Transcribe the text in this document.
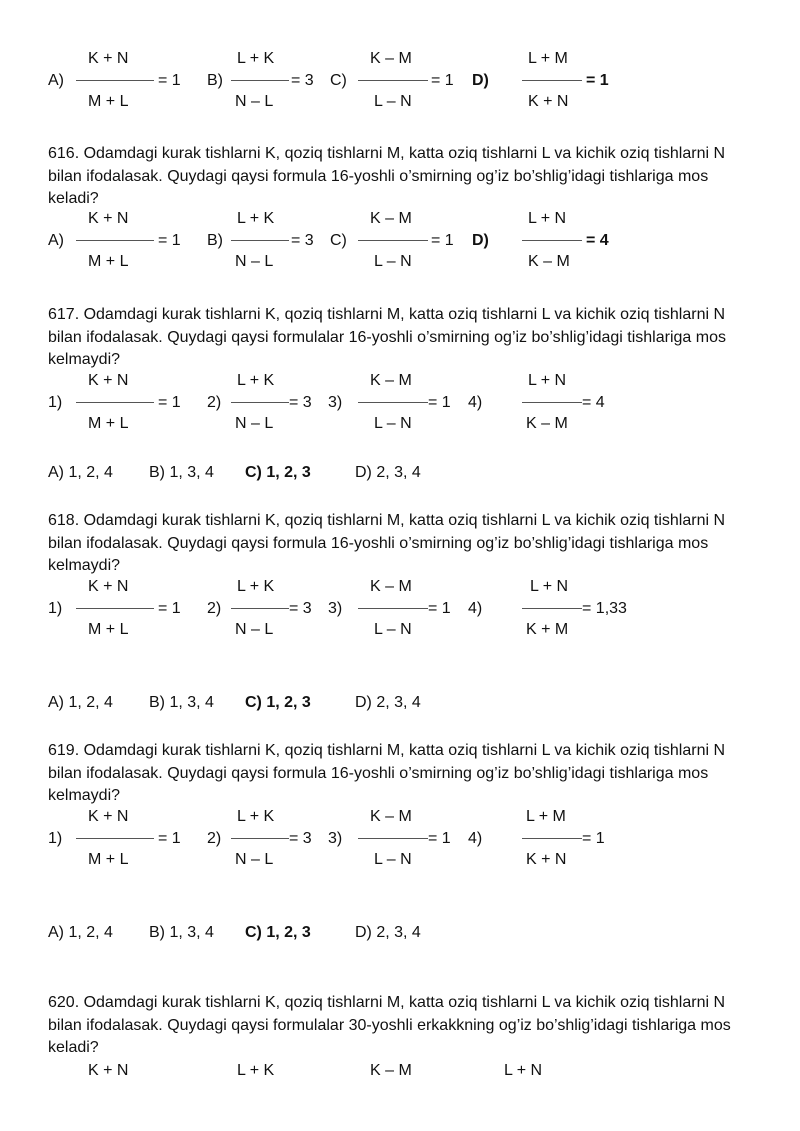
A)
K + N
M + L
= 1 B)
L + K
N – L
= 3 C)
K – M
L – N
= 1 D)
L + M
K + N
= 1

616. Odamdagi kurak tishlarni K, qoziq tishlarni M, katta oziq tishlarni L va kichik oziq tishlarni N bilan ifodalasak. Quydagi qaysi formula 16-yoshli o’smirning og’iz bo’shlig’idagi tishlariga mos keladi?

A)
K + N
M + L
= 1 B)
L + K
N – L
= 3 C)
K – M
L – N
= 1 D)
L + N
K – M
= 4

617. Odamdagi kurak tishlarni K, qoziq tishlarni M, katta oziq tishlarni L va kichik oziq tishlarni N bilan ifodalasak. Quydagi qaysi formulalar 16-yoshli o’smirning og’iz bo’shlig’idagi tishlariga mos kelmaydi?

1)
K + N
M + L
= 1 2)
L + K
N – L
= 3 3)
K – M
L – N
= 1 4)
L + N
K – M
= 4
A) 1, 2, 4 B) 1, 3, 4 C) 1, 2, 3	D) 2, 3, 4

618. Odamdagi kurak tishlarni K, qoziq tishlarni M, katta oziq tishlarni L va kichik oziq tishlarni N bilan ifodalasak. Quydagi qaysi formula 16-yoshli o’smirning og’iz bo’shlig’idagi tishlariga mos kelmaydi?

1)
K + N
M + L
= 1 2)
L + K
N – L
= 3 3)
K – M
L – N
= 1 4)
L + N
K + M
= 1,33
A) 1, 2, 4 B) 1, 3, 4 C) 1, 2, 3	D) 2, 3, 4

619. Odamdagi kurak tishlarni K, qoziq tishlarni M, katta oziq tishlarni L va kichik oziq tishlarni N bilan ifodalasak. Quydagi qaysi formula 16-yoshli o’smirning og’iz bo’shlig’idagi tishlariga mos kelmaydi?

1)
K + N
M + L
= 1 2)
L + K
N – L
= 3 3)
K – M
L – N
= 1 4)
L + M
K + N
= 1
A) 1, 2, 4 B) 1, 3, 4 C) 1, 2, 3	D) 2, 3, 4

620. Odamdagi kurak tishlarni K, qoziq tishlarni M, katta oziq tishlarni L va kichik oziq tishlarni N bilan ifodalasak. Quydagi qaysi formulalar 30-yoshli erkakkning og’iz bo’shlig’idagi tishlariga mos keladi?

K + N	L + K	K – M	L + N
